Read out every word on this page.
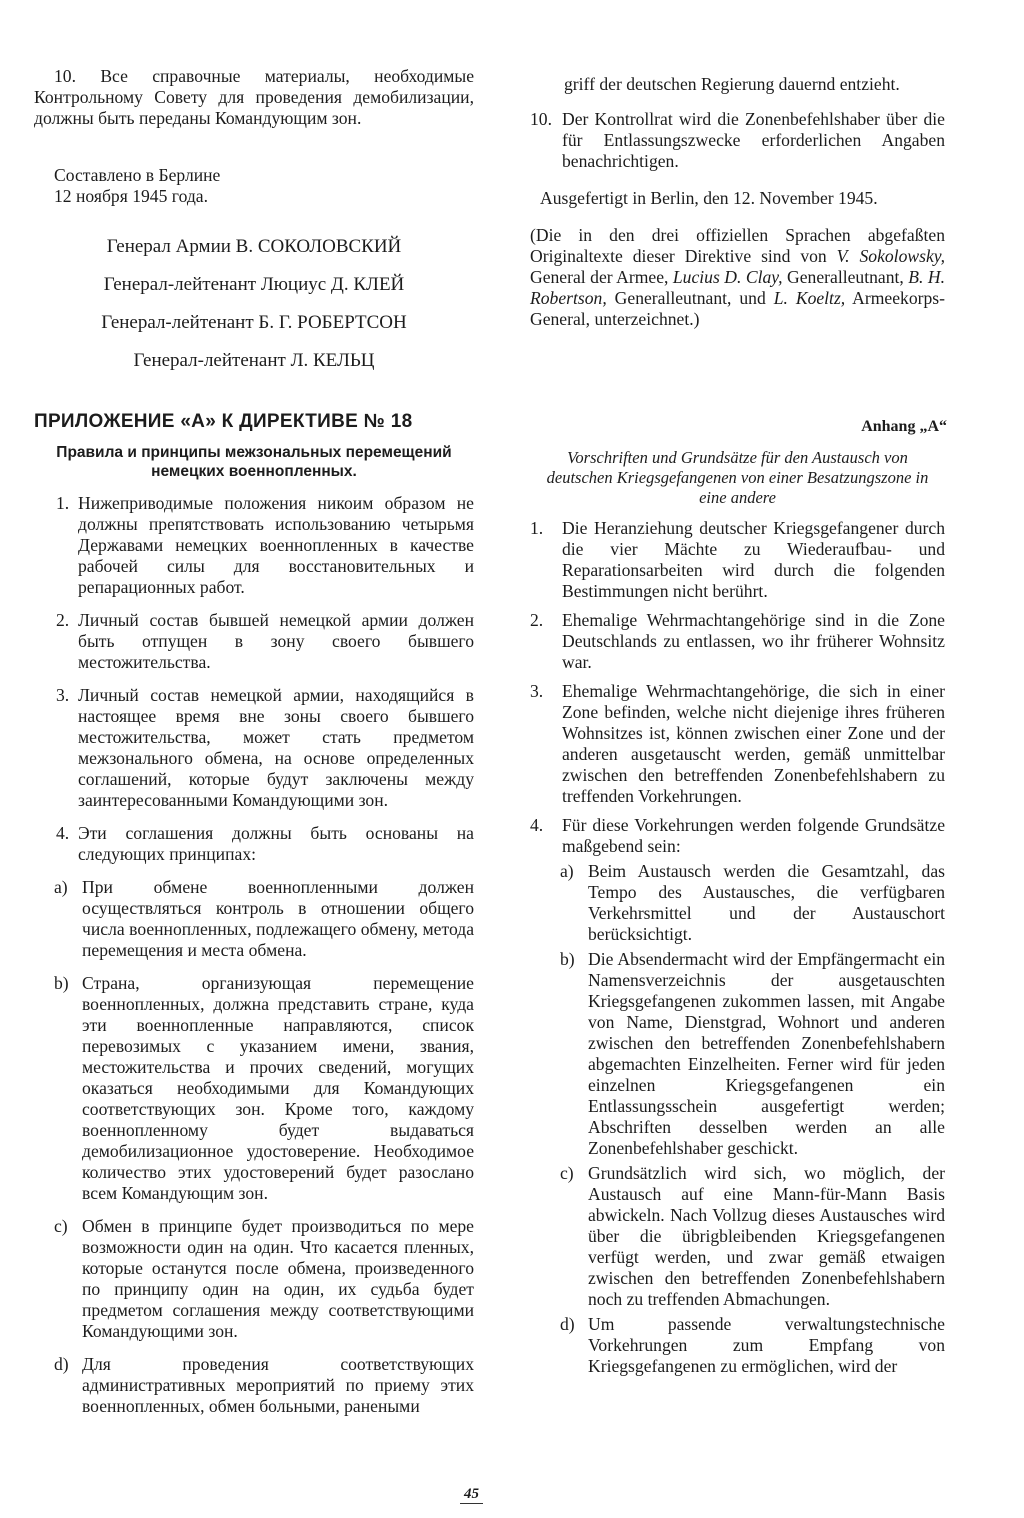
10. Все справочные материалы, необходимые Контрольному Совету для проведения демобилизации, должны быть переданы Командующим зон.

Составлено в Берлине
12 ноября 1945 года.
Генерал Армии В. СОКОЛОВСКИЙ
Генерал-лейтенант Люциус Д. КЛЕЙ
Генерал-лейтенант Б. Г. РОБЕРТСОН
Генерал-лейтенант Л. КЕЛЬЦ
ПРИЛОЖЕНИЕ «А» К ДИРЕКТИВЕ № 18
Правила и принципы межзональных перемещений немецких военнопленных.
1. Нижеприводимые положения никоим образом не должны препятствовать использованию четырьмя Державами немецких военнопленных в качестве рабочей силы для восстановительных и репарационных работ.
2. Личный состав бывшей немецкой армии должен быть отпущен в зону своего бывшего местожительства.
3. Личный состав немецкой армии, находящийся в настоящее время вне зоны своего бывшего местожительства, может стать предметом межзонального обмена, на основе определенных соглашений, которые будут заключены между заинтересованными Командующими зон.
4. Эти соглашения должны быть основаны на следующих принципах:
a) При обмене военнопленными должен осуществляться контроль в отношении общего числа военнопленных, подлежащего обмену, метода перемещения и места обмена.
b) Страна, организующая перемещение военнопленных, должна представить стране, куда эти военнопленные направляются, список перевозимых с указанием имени, звания, местожительства и прочих сведений, могущих оказаться необходимыми для Командующих соответствующих зон. Кроме того, каждому военнопленному будет выдаваться демобилизационное удостоверение. Необходимое количество этих удостоверений будет разослано всем Командующим зон.
c) Обмен в принципе будет производиться по мере возможности один на один. Что касается пленных, которые останутся после обмена, произведенного по принципу один на один, их судьба будет предметом соглашения между соответствующими Командующими зон.
d) Для проведения соответствующих административных мероприятий по приему этих военнопленных, обмен больными, ранеными

griff der deutschen Regierung dauernd entzieht.

10. Der Kontrollrat wird die Zonenbefehlshaber über die für Entlassungszwecke erforderlichen Angaben benachrichtigen.
Ausgefertigt in Berlin, den 12. November 1945.

(Die in den drei offiziellen Sprachen abgefaßten Originaltexte dieser Direktive sind von V. Sokolowsky, General der Armee, Lucius D. Clay, Generalleutnant, B. H. Robertson, Generalleutnant, und L. Koeltz, Armeekorps-General, unterzeichnet.)

Anhang „A“
Vorschriften und Grundsätze für den Austausch von deutschen Kriegsgefangenen von einer Besatzungszone in eine andere
1.	Die Heranziehung deutscher Kriegsgefangener durch die vier Mächte zu Wiederaufbau- und Reparationsarbeiten wird durch die folgenden Bestimmungen nicht berührt.
2.	Ehemalige Wehrmachtangehörige sind in die Zone Deutschlands zu entlassen, wo ihr früherer Wohnsitz war.
3.	Ehemalige Wehrmachtangehörige, die sich in einer Zone befinden, welche nicht diejenige ihres früheren Wohnsitzes ist, können zwischen einer Zone und der anderen ausgetauscht werden, gemäß unmittelbar zwischen den betreffenden Zonenbefehlshabern zu treffenden Vorkehrungen.
4.	Für diese Vorkehrungen werden folgende Grundsätze maßgebend sein:
a) Beim Austausch werden die Gesamtzahl, das Tempo des Austausches, die verfügbaren Verkehrsmittel und der Austauschort berücksichtigt.
b) Die Absendermacht wird der Empfängermacht ein Namensverzeichnis der ausgetauschten Kriegsgefangenen zukommen lassen, mit Angabe von Name, Dienstgrad, Wohnort und anderen zwischen den betreffenden Zonenbefehlshabern abgemachten Einzelheiten. Ferner wird für jeden einzelnen Kriegsgefangenen ein Entlassungsschein ausgefertigt werden; Abschriften desselben werden an alle Zonenbefehlshaber geschickt.
c) Grundsätzlich wird sich, wo möglich, der Austausch auf eine Mann-für-Mann Basis abwickeln. Nach Vollzug dieses Austausches wird über die übrigbleibenden Kriegsgefangenen verfügt werden, und zwar gemäß etwaigen zwischen den betreffenden Zonenbefehlshabern noch zu treffenden Abmachungen.
d) Um passende verwaltungstechnische Vorkehrungen zum Empfang von Kriegsgefangenen zu ermöglichen, wird der
45
